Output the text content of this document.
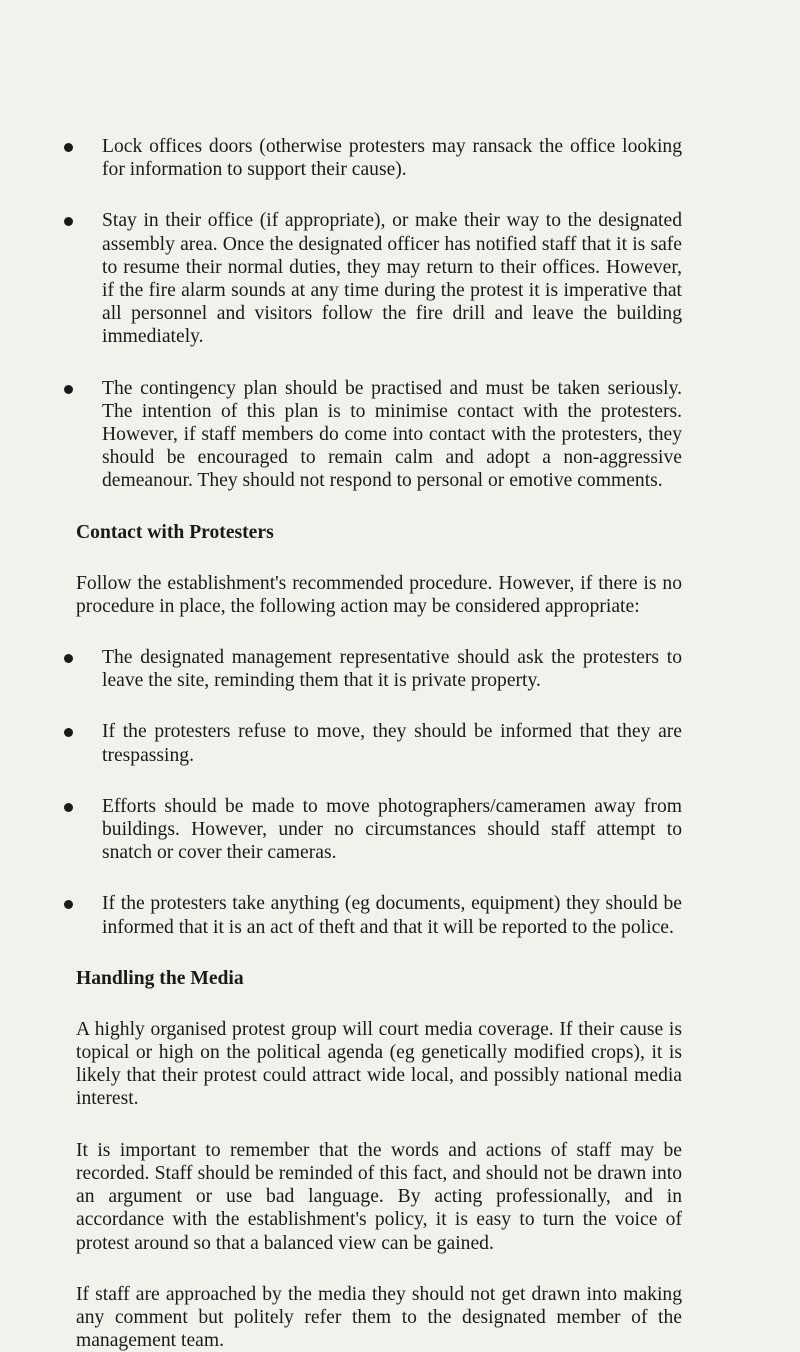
Lock offices doors (otherwise protesters may ransack the office looking for information to support their cause).
Stay in their office (if appropriate), or make their way to the designated assembly area. Once the designated officer has notified staff that it is safe to resume their normal duties, they may return to their offices. However, if the fire alarm sounds at any time during the protest it is imperative that all personnel and visitors follow the fire drill and leave the building immediately.
The contingency plan should be practised and must be taken seriously. The intention of this plan is to minimise contact with the protesters. However, if staff members do come into contact with the protesters, they should be encouraged to remain calm and adopt a non-aggressive demeanour. They should not respond to personal or emotive comments.
Contact with Protesters

Follow the establishment's recommended procedure. However, if there is no procedure in place, the following action may be considered appropriate:

The designated management representative should ask the protesters to leave the site, reminding them that it is private property.
If the protesters refuse to move, they should be informed that they are trespassing.
Efforts should be made to move photographers/cameramen away from buildings. However, under no circumstances should staff attempt to snatch or cover their cameras.
If the protesters take anything (eg documents, equipment) they should be informed that it is an act of theft and that it will be reported to the police.
Handling the Media

A highly organised protest group will court media coverage. If their cause is topical or high on the political agenda (eg genetically modified crops), it is likely that their protest could attract wide local, and possibly national media interest.

It is important to remember that the words and actions of staff may be recorded. Staff should be reminded of this fact, and should not be drawn into an argument or use bad language. By acting professionally, and in accordance with the establishment's policy, it is easy to turn the voice of protest around so that a balanced view can be gained.

If staff are approached by the media they should not get drawn into making any comment but politely refer them to the designated member of the management team.
